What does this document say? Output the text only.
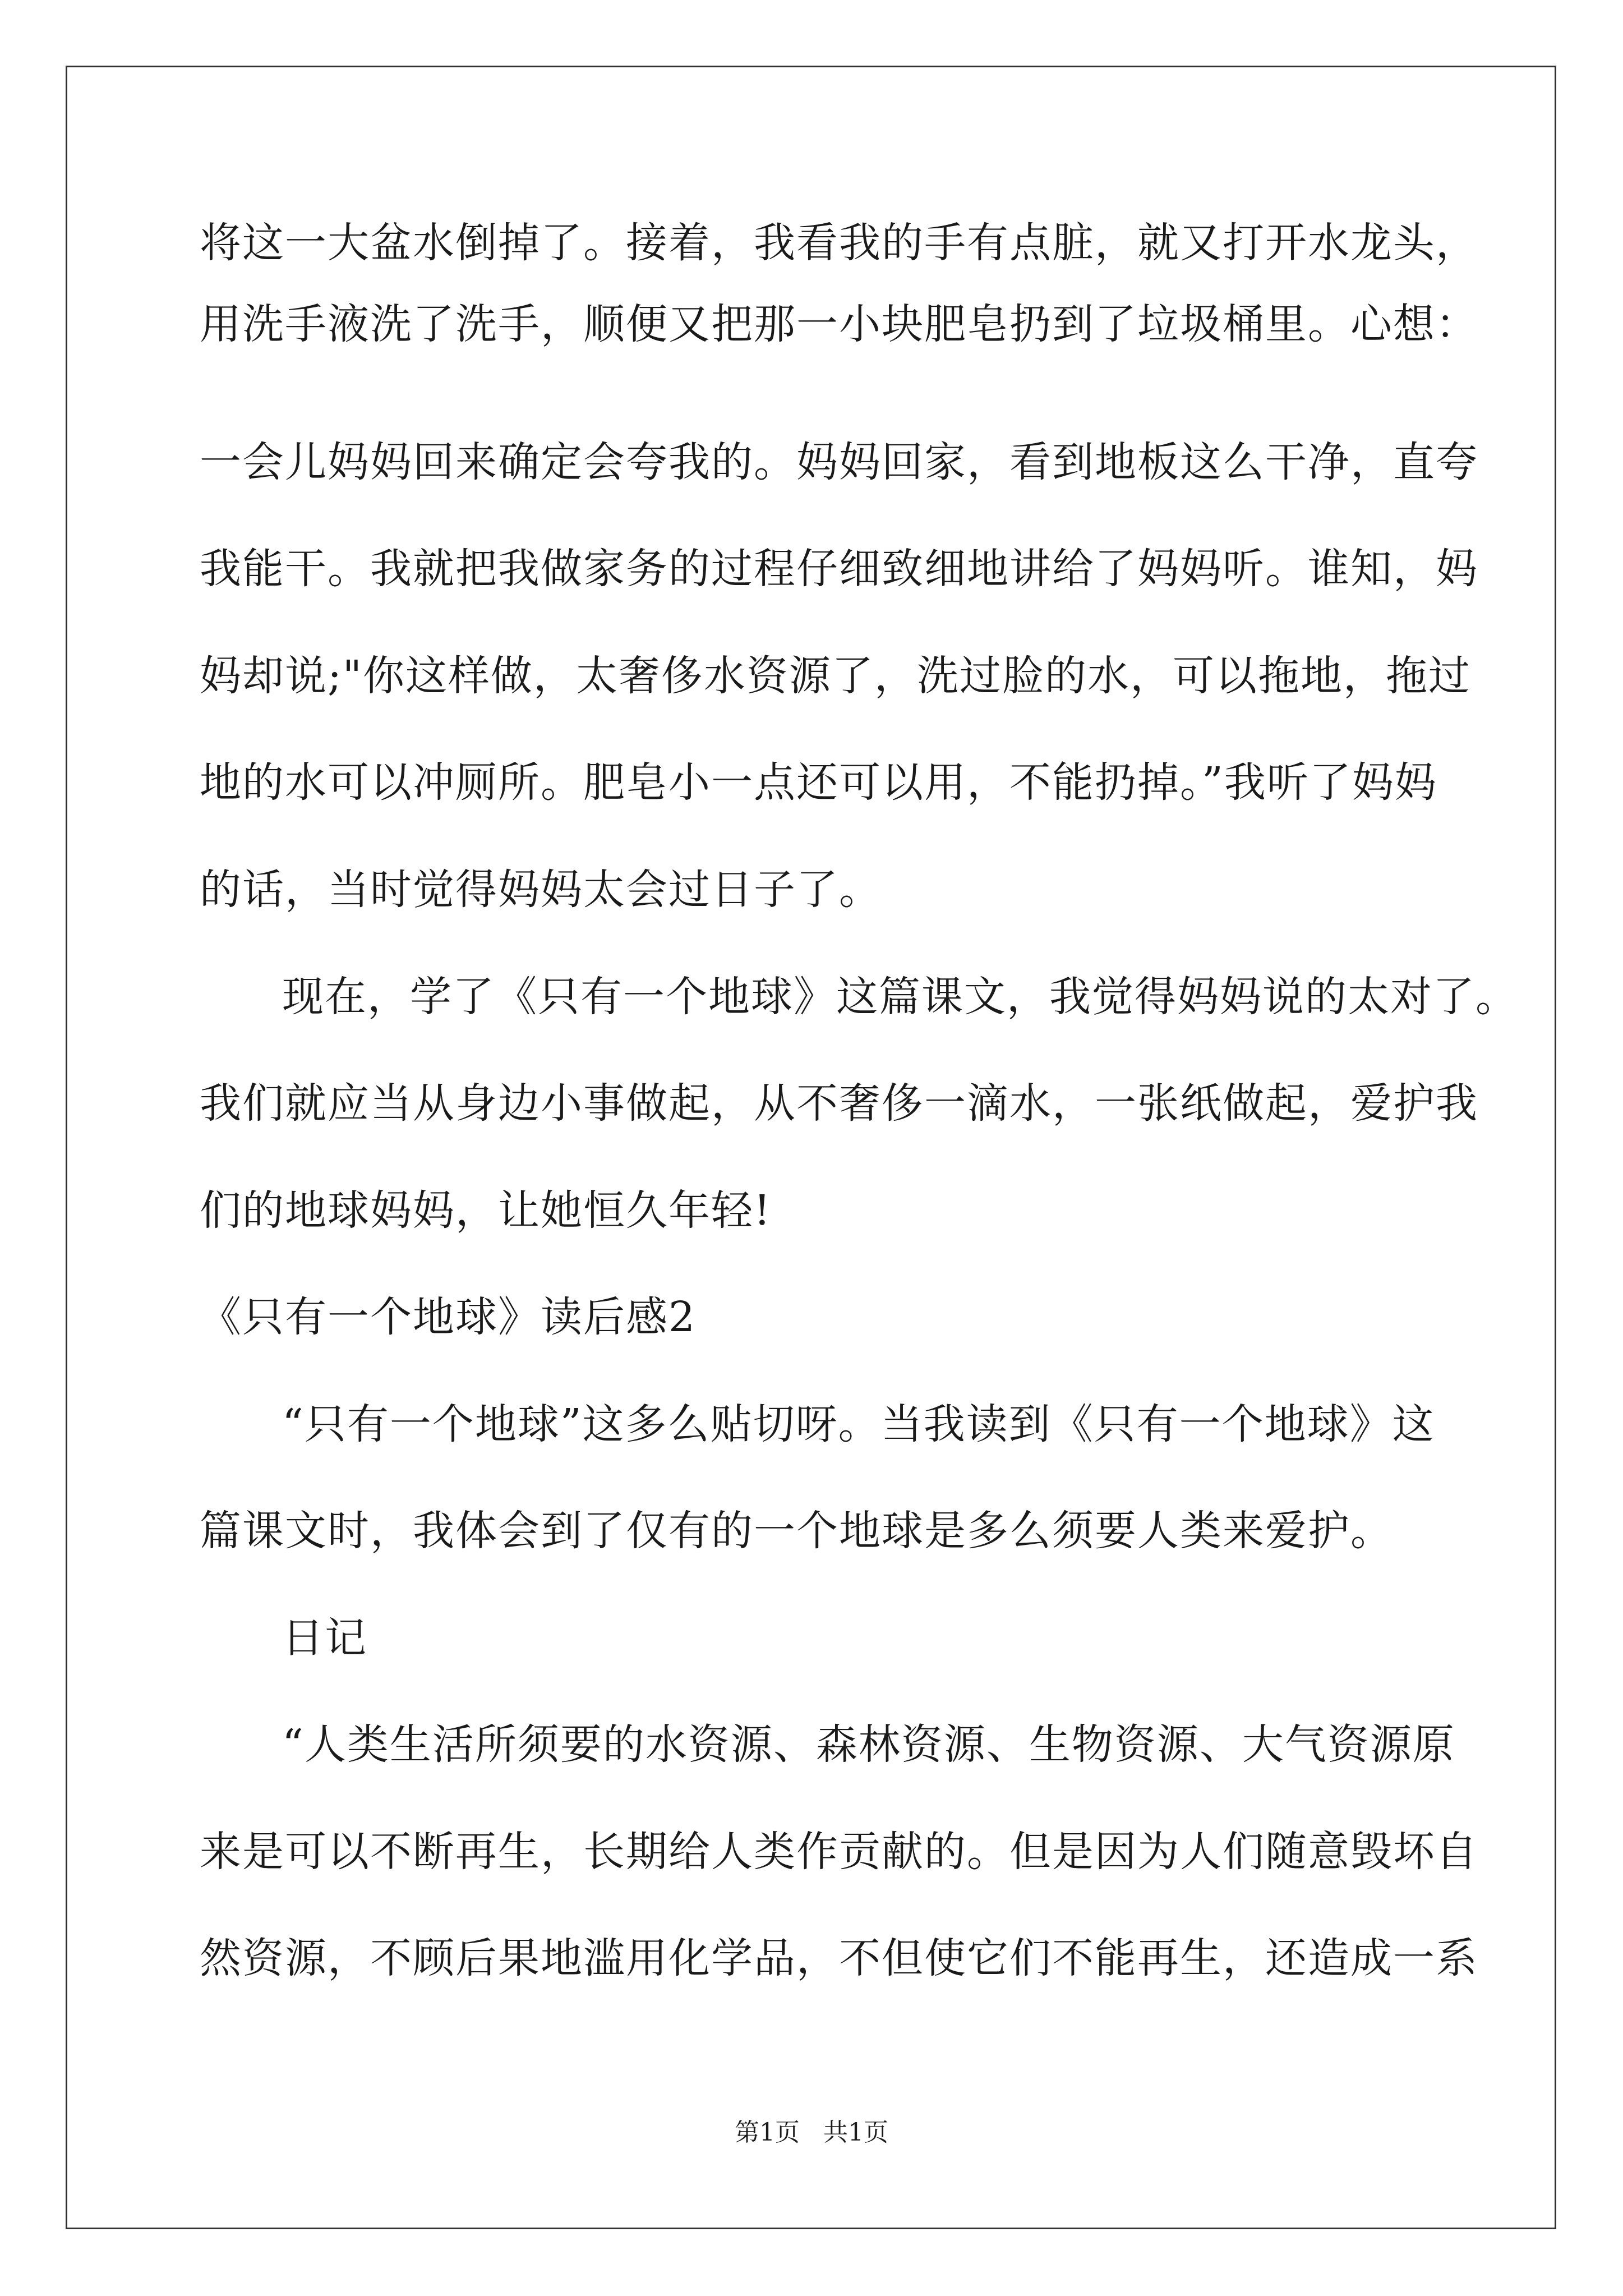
将这一大盆水倒掉了。接着，我看我的手有点脏，就又打开水龙头，
用洗手液洗了洗手，顺便又把那一小块肥皂扔到了垃圾桶里。心想：
一会儿妈妈回来确定会夸我的。妈妈回家，看到地板这么干净，直夸
我能干。我就把我做家务的过程仔细致细地讲给了妈妈听。谁知，妈
妈却说;"你这样做，太奢侈水资源了，洗过脸的水，可以拖地，拖过
地的水可以冲厕所。肥皂小一点还可以用，不能扔掉。”我听了妈妈
的话，当时觉得妈妈太会过日子了。
现在，学了《只有一个地球》这篇课文，我觉得妈妈说的太对了。
我们就应当从身边小事做起，从不奢侈一滴水，一张纸做起，爱护我
们的地球妈妈，让她恒久年轻!
《只有一个地球》读后感2
“只有一个地球”这多么贴切呀。当我读到《只有一个地球》这
篇课文时，我体会到了仅有的一个地球是多么须要人类来爱护。
日记
“人类生活所须要的水资源、森林资源、生物资源、大气资源原
来是可以不断再生，长期给人类作贡献的。但是因为人们随意毁坏自
然资源，不顾后果地滥用化学品，不但使它们不能再生，还造成一系
第1页   共1页
